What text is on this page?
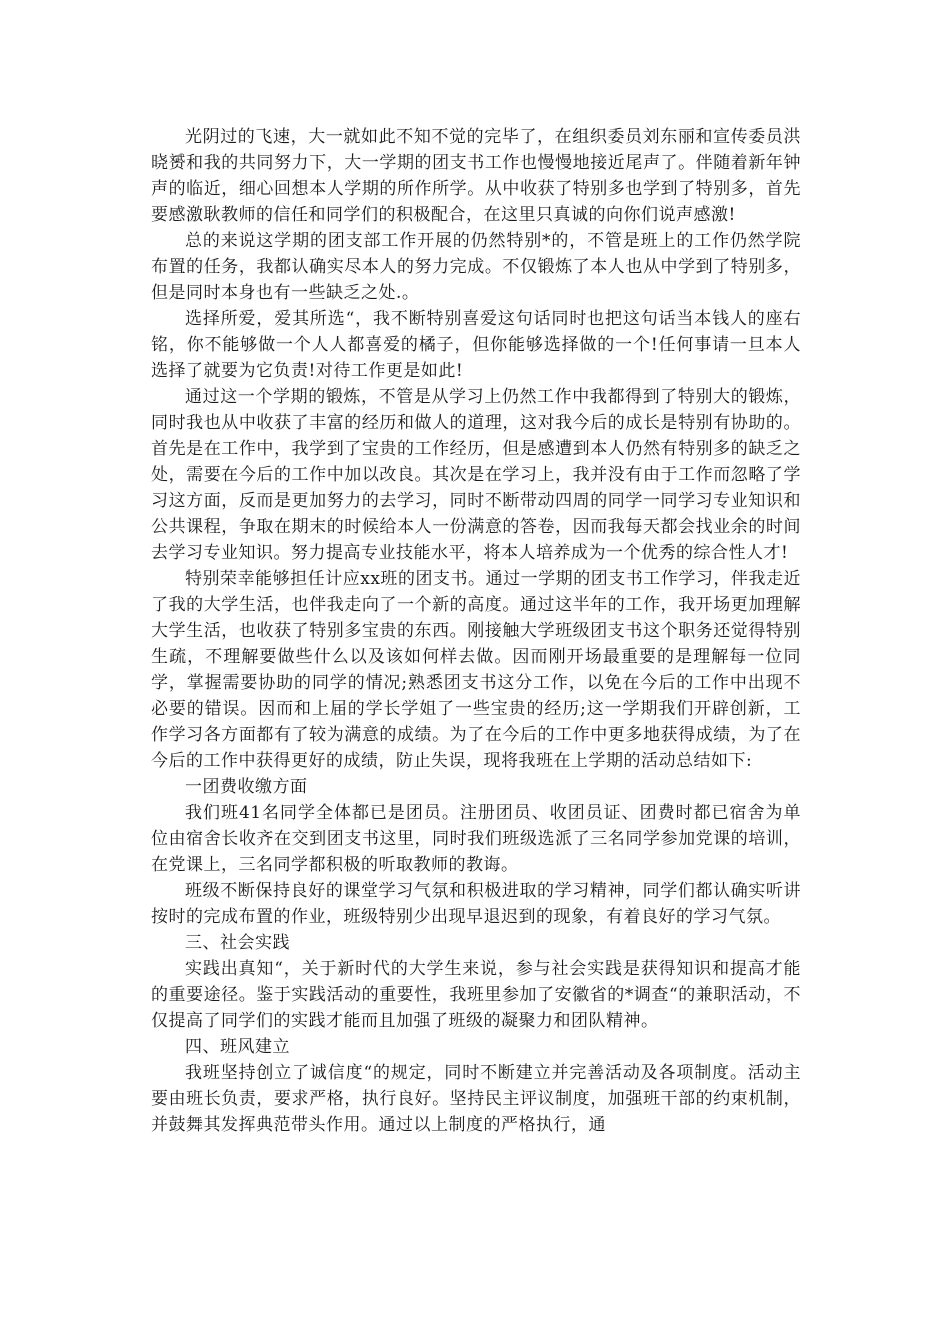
光阴过的飞速，大一就如此不知不觉的完毕了，在组织委员刘东丽和宣传委员洪晓赟和我的共同努力下，大一学期的团支书工作也慢慢地接近尾声了。伴随着新年钟声的临近，细心回想本人学期的所作所学。从中收获了特别多也学到了特别多，首先要感激耿教师的信任和同学们的积极配合，在这里只真诚的向你们说声感激!

总的来说这学期的团支部工作开展的仍然特别*的，不管是班上的工作仍然学院布置的任务，我都认确实尽本人的努力完成。不仅锻炼了本人也从中学到了特别多，但是同时本身也有一些缺乏之处.。

选择所爱，爱其所选“，我不断特别喜爱这句话同时也把这句话当本钱人的座右铭，你不能够做一个人人都喜爱的橘子，但你能够选择做的一个!任何事请一旦本人选择了就要为它负责!对待工作更是如此!

通过这一个学期的锻炼，不管是从学习上仍然工作中我都得到了特别大的锻炼，同时我也从中收获了丰富的经历和做人的道理，这对我今后的成长是特别有协助的。首先是在工作中，我学到了宝贵的工作经历，但是感遭到本人仍然有特别多的缺乏之处，需要在今后的工作中加以改良。其次是在学习上，我并没有由于工作而忽略了学习这方面，反而是更加努力的去学习，同时不断带动四周的同学一同学习专业知识和公共课程，争取在期末的时候给本人一份满意的答卷，因而我每天都会找业余的时间去学习专业知识。努力提高专业技能水平，将本人培养成为一个优秀的综合性人才!

特别荣幸能够担任计应xx班的团支书。通过一学期的团支书工作学习，伴我走近了我的大学生活，也伴我走向了一个新的高度。通过这半年的工作，我开场更加理解大学生活，也收获了特别多宝贵的东西。刚接触大学班级团支书这个职务还觉得特别生疏，不理解要做些什么以及该如何样去做。因而刚开场最重要的是理解每一位同学，掌握需要协助的同学的情况;熟悉团支书这分工作，以免在今后的工作中出现不必要的错误。因而和上届的学长学姐了一些宝贵的经历;这一学期我们开辟创新，工作学习各方面都有了较为满意的成绩。为了在今后的工作中更多地获得成绩，为了在今后的工作中获得更好的成绩，防止失误，现将我班在上学期的活动总结如下:

一团费收缴方面

我们班41名同学全体都已是团员。注册团员、收团员证、团费时都已宿舍为单位由宿舍长收齐在交到团支书这里，同时我们班级选派了三名同学参加党课的培训，在党课上，三名同学都积极的听取教师的教诲。

班级不断保持良好的课堂学习气氛和积极进取的学习精神，同学们都认确实听讲按时的完成布置的作业，班级特别少出现早退迟到的现象，有着良好的学习气氛。

三、社会实践

实践出真知“，关于新时代的大学生来说，参与社会实践是获得知识和提高才能的重要途径。鉴于实践活动的重要性，我班里参加了安徽省的*调查“的兼职活动，不仅提高了同学们的实践才能而且加强了班级的凝聚力和团队精神。

四、班风建立

我班坚持创立了诚信度“的规定，同时不断建立并完善活动及各项制度。活动主要由班长负责，要求严格，执行良好。坚持民主评议制度，加强班干部的约束机制，并鼓舞其发挥典范带头作用。通过以上制度的严格执行，通
